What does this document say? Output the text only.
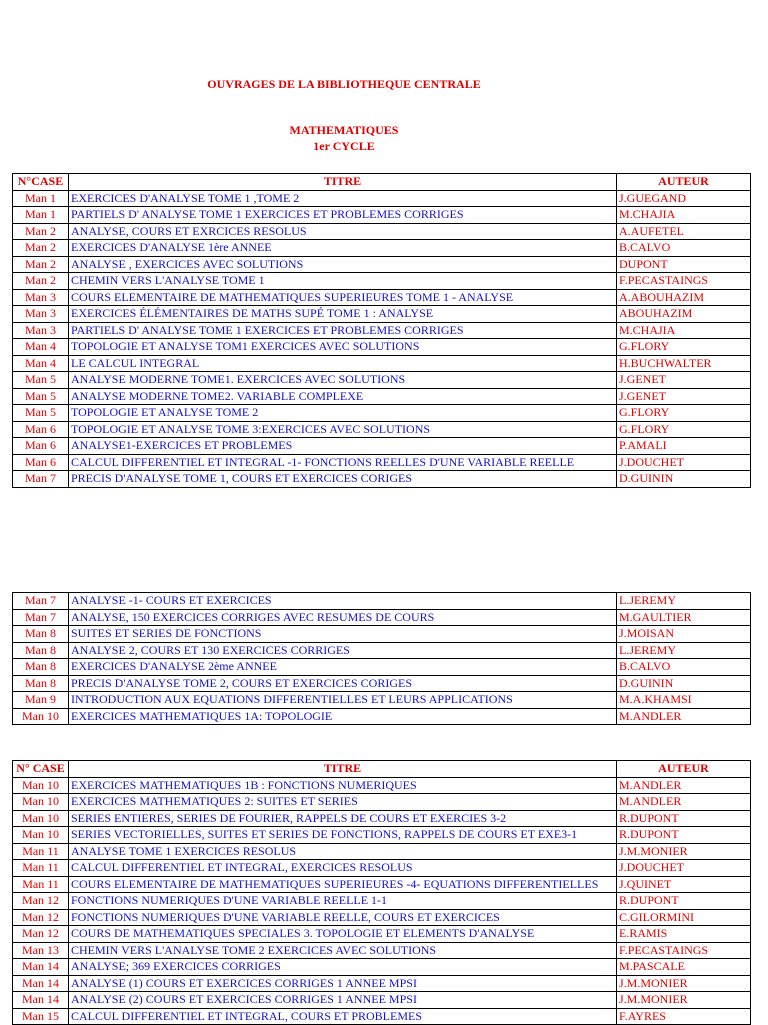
OUVRAGES DE LA BIBLIOTHEQUE CENTRALE
MATHEMATIQUES
1er CYCLE
N°CASE	TITRE	AUTEUR
Man 1	EXERCICES D'ANALYSE TOME 1 ,TOME 2	J.GUEGAND
Man 1	PARTIELS D' ANALYSE TOME 1 EXERCICES ET PROBLEMES CORRIGES	M.CHAJIA
Man 2	ANALYSE, COURS ET EXRCICES RESOLUS	A.AUFETEL
Man 2	EXERCICES D'ANALYSE 1ère ANNEE	B.CALVO
Man 2	ANALYSE , EXERCICES AVEC SOLUTIONS	DUPONT
Man 2	CHEMIN VERS L'ANALYSE TOME 1	F.PECASTAINGS
Man 3	COURS ELEMENTAIRE DE MATHEMATIQUES SUPERIEURES TOME 1 - ANALYSE	A.ABOUHAZIM
Man 3	EXERCICES ÉLÉMENTAIRES DE MATHS SUPÉ TOME 1 : ANALYSE	ABOUHAZIM
Man 3	PARTIELS D' ANALYSE TOME 1 EXERCICES ET PROBLEMES CORRIGES	M.CHAJIA
Man 4	TOPOLOGIE ET ANALYSE TOM1 EXERCICES AVEC SOLUTIONS	G.FLORY
Man 4	LE CALCUL INTEGRAL	H.BUCHWALTER
Man 5	ANALYSE MODERNE TOME1. EXERCICES AVEC SOLUTIONS	J.GENET
Man 5	ANALYSE MODERNE TOME2. VARIABLE COMPLEXE	J.GENET
Man 5	TOPOLOGIE ET ANALYSE TOME 2	G.FLORY
Man 6	TOPOLOGIE ET ANALYSE TOME 3:EXERCICES AVEC SOLUTIONS	G.FLORY
Man 6	ANALYSE1-EXERCICES ET PROBLEMES	P.AMALI
Man 6	CALCUL DIFFERENTIEL ET INTEGRAL -1- FONCTIONS REELLES D'UNE VARIABLE REELLE	J.DOUCHET
Man 7	PRECIS D'ANALYSE TOME 1, COURS ET EXERCICES CORIGES	D.GUININ
Man 7	ANALYSE -1- COURS ET EXERCICES	L.JEREMY
Man 7	ANALYSE, 150 EXERCICES CORRIGES AVEC RESUMES DE COURS	M.GAULTIER
Man 8	SUITES ET SERIES DE FONCTIONS	J.MOISAN
Man 8	ANALYSE 2, COURS ET 130 EXERCICES CORRIGES	L.JEREMY
Man 8	EXERCICES D'ANALYSE 2ème ANNEE	B.CALVO
Man 8	PRECIS D'ANALYSE TOME 2, COURS ET EXERCICES CORIGES	D.GUININ
Man 9	INTRODUCTION AUX EQUATIONS DIFFERENTIELLES ET LEURS APPLICATIONS	M.A.KHAMSI
Man 10	EXERCICES MATHEMATIQUES 1A: TOPOLOGIE	M.ANDLER
N° CASE	TITRE	AUTEUR
Man 10	EXERCICES MATHEMATIQUES 1B : FONCTIONS NUMERIQUES	M.ANDLER
Man 10	EXERCICES MATHEMATIQUES 2: SUITES ET SERIES	M.ANDLER
Man 10	SERIES ENTIERES, SERIES DE FOURIER, RAPPELS DE COURS ET EXERCIES 3-2	R.DUPONT
Man 10	SERIES VECTORIELLES, SUITES ET SERIES DE FONCTIONS, RAPPELS DE COURS ET EXE3-1	R.DUPONT
Man 11	ANALYSE TOME 1 EXERCICES RESOLUS	J.M.MONIER
Man 11	CALCUL DIFFERENTIEL ET INTEGRAL, EXERCICES RESOLUS	J.DOUCHET
Man 11	COURS ELEMENTAIRE DE MATHEMATIQUES SUPERIEURES -4- EQUATIONS DIFFERENTIELLES	J.QUINET
Man 12	FONCTIONS NUMERIQUES D'UNE VARIABLE REELLE 1-1	R.DUPONT
Man 12	FONCTIONS NUMERIQUES D'UNE VARIABLE REELLE, COURS ET EXERCICES	C.GILORMINI
Man 12	COURS DE MATHEMATIQUES SPECIALES 3. TOPOLOGIE ET ELEMENTS D'ANALYSE	E.RAMIS
Man 13	CHEMIN VERS L'ANALYSE TOME 2 EXERCICES AVEC SOLUTIONS	F.PECASTAINGS
Man 14	ANALYSE; 369 EXERCICES CORRIGES	M.PASCALE
Man 14	ANALYSE (1) COURS ET EXERCICES CORRIGES 1 ANNEE MPSI	J.M.MONIER
Man 14	ANALYSE (2) COURS ET EXERCICES CORRIGES 1 ANNEE MPSI	J.M.MONIER
Man 15	CALCUL DIFFERENTIEL ET INTEGRAL, COURS ET PROBLEMES	F.AYRES
